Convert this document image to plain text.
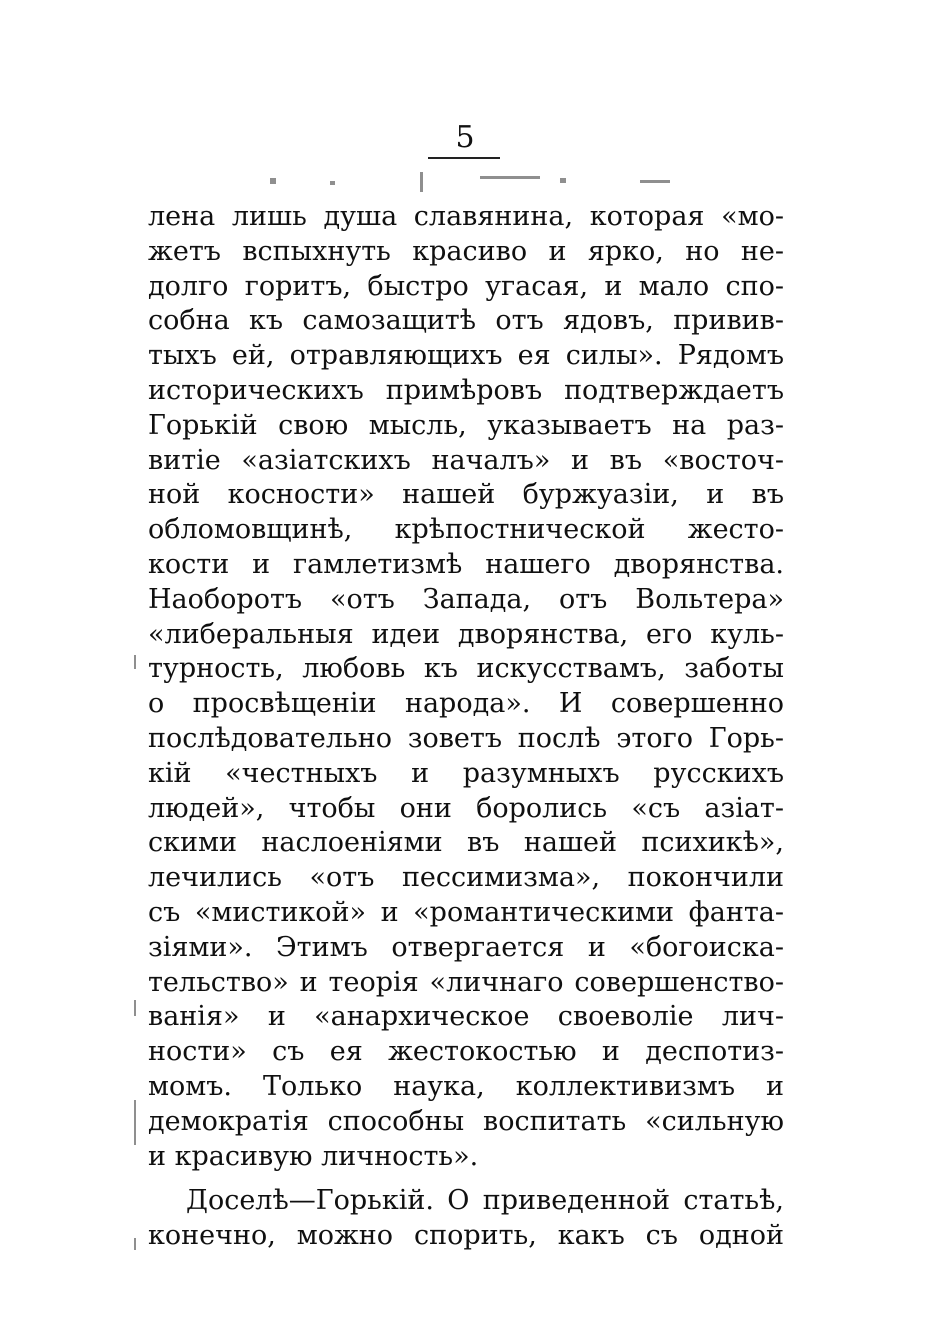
5
лена лишь душа славянина, которая «мо-
жетъ вспыхнуть красиво и ярко, но не-
долго горитъ, быстро угасая, и мало спо-
собна къ самозащитѣ отъ ядовъ, привив-
тыхъ ей, отравляющихъ ея силы». Рядомъ
историческихъ примѣровъ подтверждаетъ
Горькій свою мысль, указываетъ на раз-
витіе «азіатскихъ началъ» и въ «восточ-
ной косности» нашей буржуазіи, и въ
обломовщинѣ, крѣпостнической жесто-
кости и гамлетизмѣ нашего дворянства.
Наоборотъ «отъ Запада, отъ Вольтера»
«либеральныя идеи дворянства, его куль-
турность, любовь къ искусствамъ, заботы
о просвѣщеніи народа». И совершенно
послѣдовательно зоветъ послѣ этого Горь-
кій «честныхъ и разумныхъ русскихъ
людей», чтобы они боролись «съ азіат-
скими наслоеніями въ нашей психикѣ»,
лечились «отъ пессимизма», покончили
съ «мистикой» и «романтическими фанта-
зіями». Этимъ отвергается и «богоиска-
тельство» и теорія «личнаго совершенство-
ванія» и «анархическое своеволіе лич-
ности» съ ея жестокостью и деспотиз-
момъ. Только наука, коллективизмъ и
демократія способны воспитать «сильную
и красивую личность».
Доселѣ—Горькій. О приведенной статьѣ,
конечно, можно спорить, какъ съ одной
